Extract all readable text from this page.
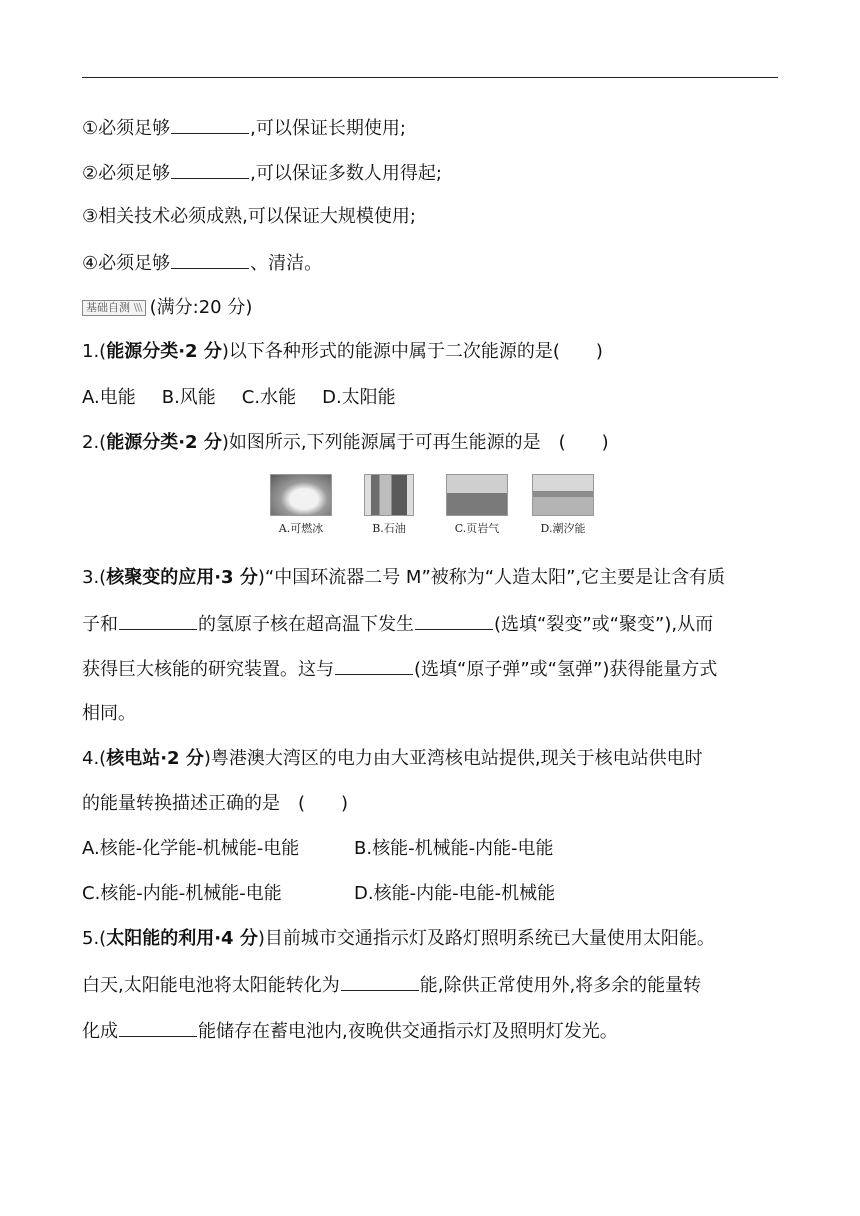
①必须足够	,可以保证长期使用;
②必须足够	,可以保证多数人用得起;
③相关技术必须成熟,可以保证大规模使用;
④必须足够	、清洁。
基础自测 \\\ (满分:20 分)
1.(能源分类·2 分)以下各种形式的能源中属于二次能源的是(　　)
A.电能 B.风能 C.水能 D.太阳能
2.(能源分类·2 分)如图所示,下列能源属于可再生能源的是　(　　)
A.可燃冰	B.石油	C.页岩气	D.潮汐能
3.(核聚变的应用·3 分)“中国环流器二号 M”被称为“人造太阳”,它主要是让含有质
子和	的氢原子核在超高温下发生	(选填“裂变”或“聚变”),从而
获得巨大核能的研究装置。这与	(选填“原子弹”或“氢弹”)获得能量方式
相同。
4.(核电站·2 分)粤港澳大湾区的电力由大亚湾核电站提供,现关于核电站供电时
的能量转换描述正确的是　(　　)
A.核能-化学能-机械能-电能	B.核能-机械能-内能-电能
C.核能-内能-机械能-电能	D.核能-内能-电能-机械能
5.(太阳能的利用·4 分)目前城市交通指示灯及路灯照明系统已大量使用太阳能。
白天,太阳能电池将太阳能转化为	能,除供正常使用外,将多余的能量转
化成	能储存在蓄电池内,夜晚供交通指示灯及照明灯发光。
